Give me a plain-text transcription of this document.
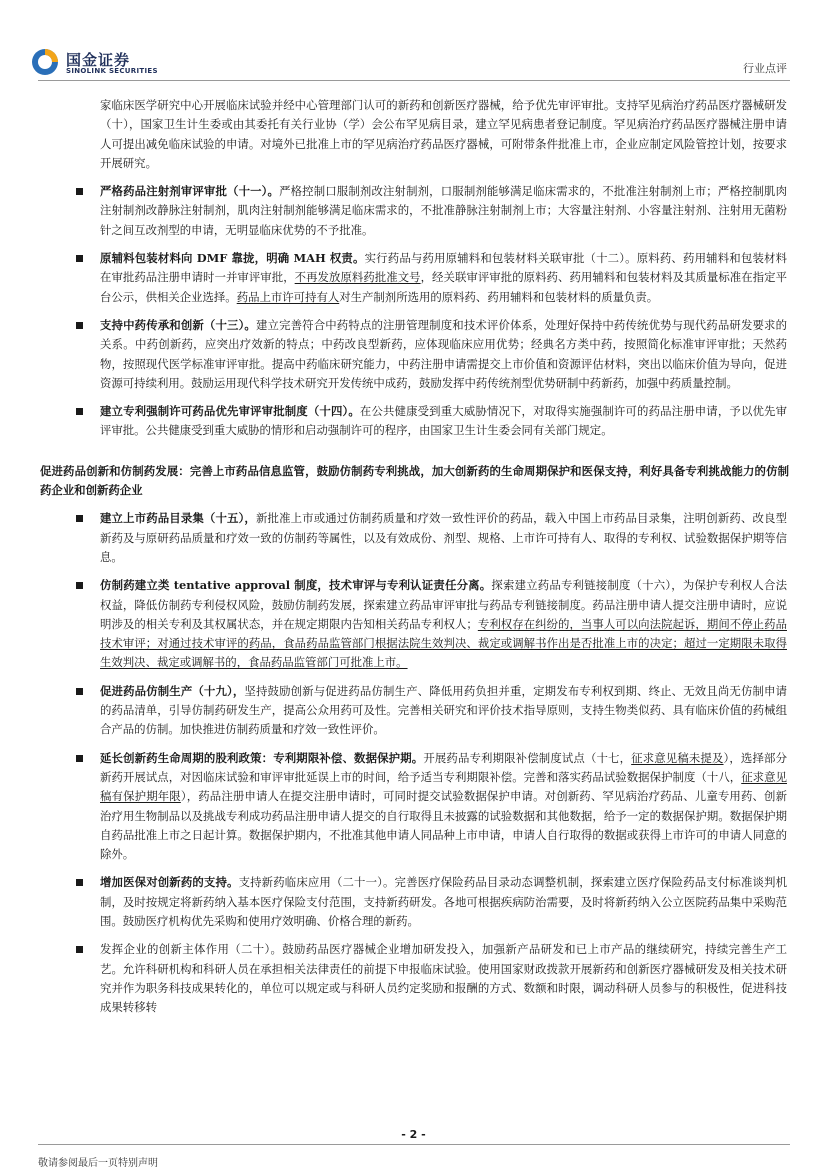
国金证券
SINOLINK SECURITIES	行业点评

家临床医学研究中心开展临床试验并经中心管理部门认可的新药和创新医疗器械，给予优先审评审批。支持罕见病治疗药品医疗器械研发（十），国家卫生计生委或由其委托有关行业协（学）会公布罕见病目录，建立罕见病患者登记制度。罕见病治疗药品医疗器械注册申请人可提出减免临床试验的申请。对境外已批准上市的罕见病治疗药品医疗器械，可附带条件批准上市，企业应制定风险管控计划，按要求开展研究。

严格药品注射剂审评审批（十一）。严格控制口服制剂改注射制剂，口服制剂能够满足临床需求的，不批准注射制剂上市；严格控制肌肉注射制剂改静脉注射制剂，肌肉注射制剂能够满足临床需求的，不批准静脉注射制剂上市；大容量注射剂、小容量注射剂、注射用无菌粉针之间互改剂型的申请，无明显临床优势的不予批准。

原辅料包装材料向 DMF 靠拢，明确 MAH 权责。实行药品与药用原辅料和包装材料关联审批（十二）。原料药、药用辅料和包装材料在审批药品注册申请时一并审评审批，不再发放原料药批准文号，经关联审评审批的原料药、药用辅料和包装材料及其质量标准在指定平台公示，供相关企业选择。药品上市许可持有人对生产制剂所选用的原料药、药用辅料和包装材料的质量负责。

支持中药传承和创新（十三）。建立完善符合中药特点的注册管理制度和技术评价体系，处理好保持中药传统优势与现代药品研发要求的关系。中药创新药，应突出疗效新的特点；中药改良型新药，应体现临床应用优势；经典名方类中药，按照简化标准审评审批；天然药物，按照现代医学标准审评审批。提高中药临床研究能力，中药注册申请需提交上市价值和资源评估材料，突出以临床价值为导向，促进资源可持续利用。鼓励运用现代科学技术研究开发传统中成药，鼓励发挥中药传统剂型优势研制中药新药，加强中药质量控制。

建立专利强制许可药品优先审评审批制度（十四）。在公共健康受到重大威胁情况下，对取得实施强制许可的药品注册申请，予以优先审评审批。公共健康受到重大威胁的情形和启动强制许可的程序，由国家卫生计生委会同有关部门规定。

促进药品创新和仿制药发展：完善上市药品信息监管，鼓励仿制药专利挑战，加大创新药的生命周期保护和医保支持，利好具备专利挑战能力的仿制药企业和创新药企业

建立上市药品目录集（十五），新批准上市或通过仿制药质量和疗效一致性评价的药品，载入中国上市药品目录集，注明创新药、改良型新药及与原研药品质量和疗效一致的仿制药等属性，以及有效成份、剂型、规格、上市许可持有人、取得的专利权、试验数据保护期等信息。

仿制药建立类 tentative approval 制度，技术审评与专利认证责任分离。探索建立药品专利链接制度（十六），为保护专利权人合法权益，降低仿制药专利侵权风险，鼓励仿制药发展，探索建立药品审评审批与药品专利链接制度。药品注册申请人提交注册申请时，应说明涉及的相关专利及其权属状态，并在规定期限内告知相关药品专利权人；专利权存在纠纷的，当事人可以向法院起诉，期间不停止药品技术审评；对通过技术审评的药品，食品药品监管部门根据法院生效判决、裁定或调解书作出是否批准上市的决定；超过一定期限未取得生效判决、裁定或调解书的，食品药品监管部门可批准上市。

促进药品仿制生产（十九），坚持鼓励创新与促进药品仿制生产、降低用药负担并重，定期发布专利权到期、终止、无效且尚无仿制申请的药品清单，引导仿制药研发生产，提高公众用药可及性。完善相关研究和评价技术指导原则，支持生物类似药、具有临床价值的药械组合产品的仿制。加快推进仿制药质量和疗效一致性评价。

延长创新药生命周期的股利政策：专利期限补偿、数据保护期。开展药品专利期限补偿制度试点（十七，征求意见稿未提及），选择部分新药开展试点，对因临床试验和审评审批延误上市的时间，给予适当专利期限补偿。完善和落实药品试验数据保护制度（十八，征求意见稿有保护期年限），药品注册申请人在提交注册申请时，可同时提交试验数据保护申请。对创新药、罕见病治疗药品、儿童专用药、创新治疗用生物制品以及挑战专利成功药品注册申请人提交的自行取得且未披露的试验数据和其他数据，给予一定的数据保护期。数据保护期自药品批准上市之日起计算。数据保护期内，不批准其他申请人同品种上市申请，申请人自行取得的数据或获得上市许可的申请人同意的除外。

增加医保对创新药的支持。支持新药临床应用（二十一）。完善医疗保险药品目录动态调整机制，探索建立医疗保险药品支付标准谈判机制，及时按规定将新药纳入基本医疗保险支付范围，支持新药研发。各地可根据疾病防治需要，及时将新药纳入公立医院药品集中采购范围。鼓励医疗机构优先采购和使用疗效明确、价格合理的新药。

发挥企业的创新主体作用（二十）。鼓励药品医疗器械企业增加研发投入，加强新产品研发和已上市产品的继续研究，持续完善生产工艺。允许科研机构和科研人员在承担相关法律责任的前提下申报临床试验。使用国家财政拨款开展新药和创新医疗器械研发及相关技术研究并作为职务科技成果转化的，单位可以规定或与科研人员约定奖励和报酬的方式、数额和时限，调动科研人员参与的积极性，促进科技成果转移转

- 2 -
敬请参阅最后一页特别声明
